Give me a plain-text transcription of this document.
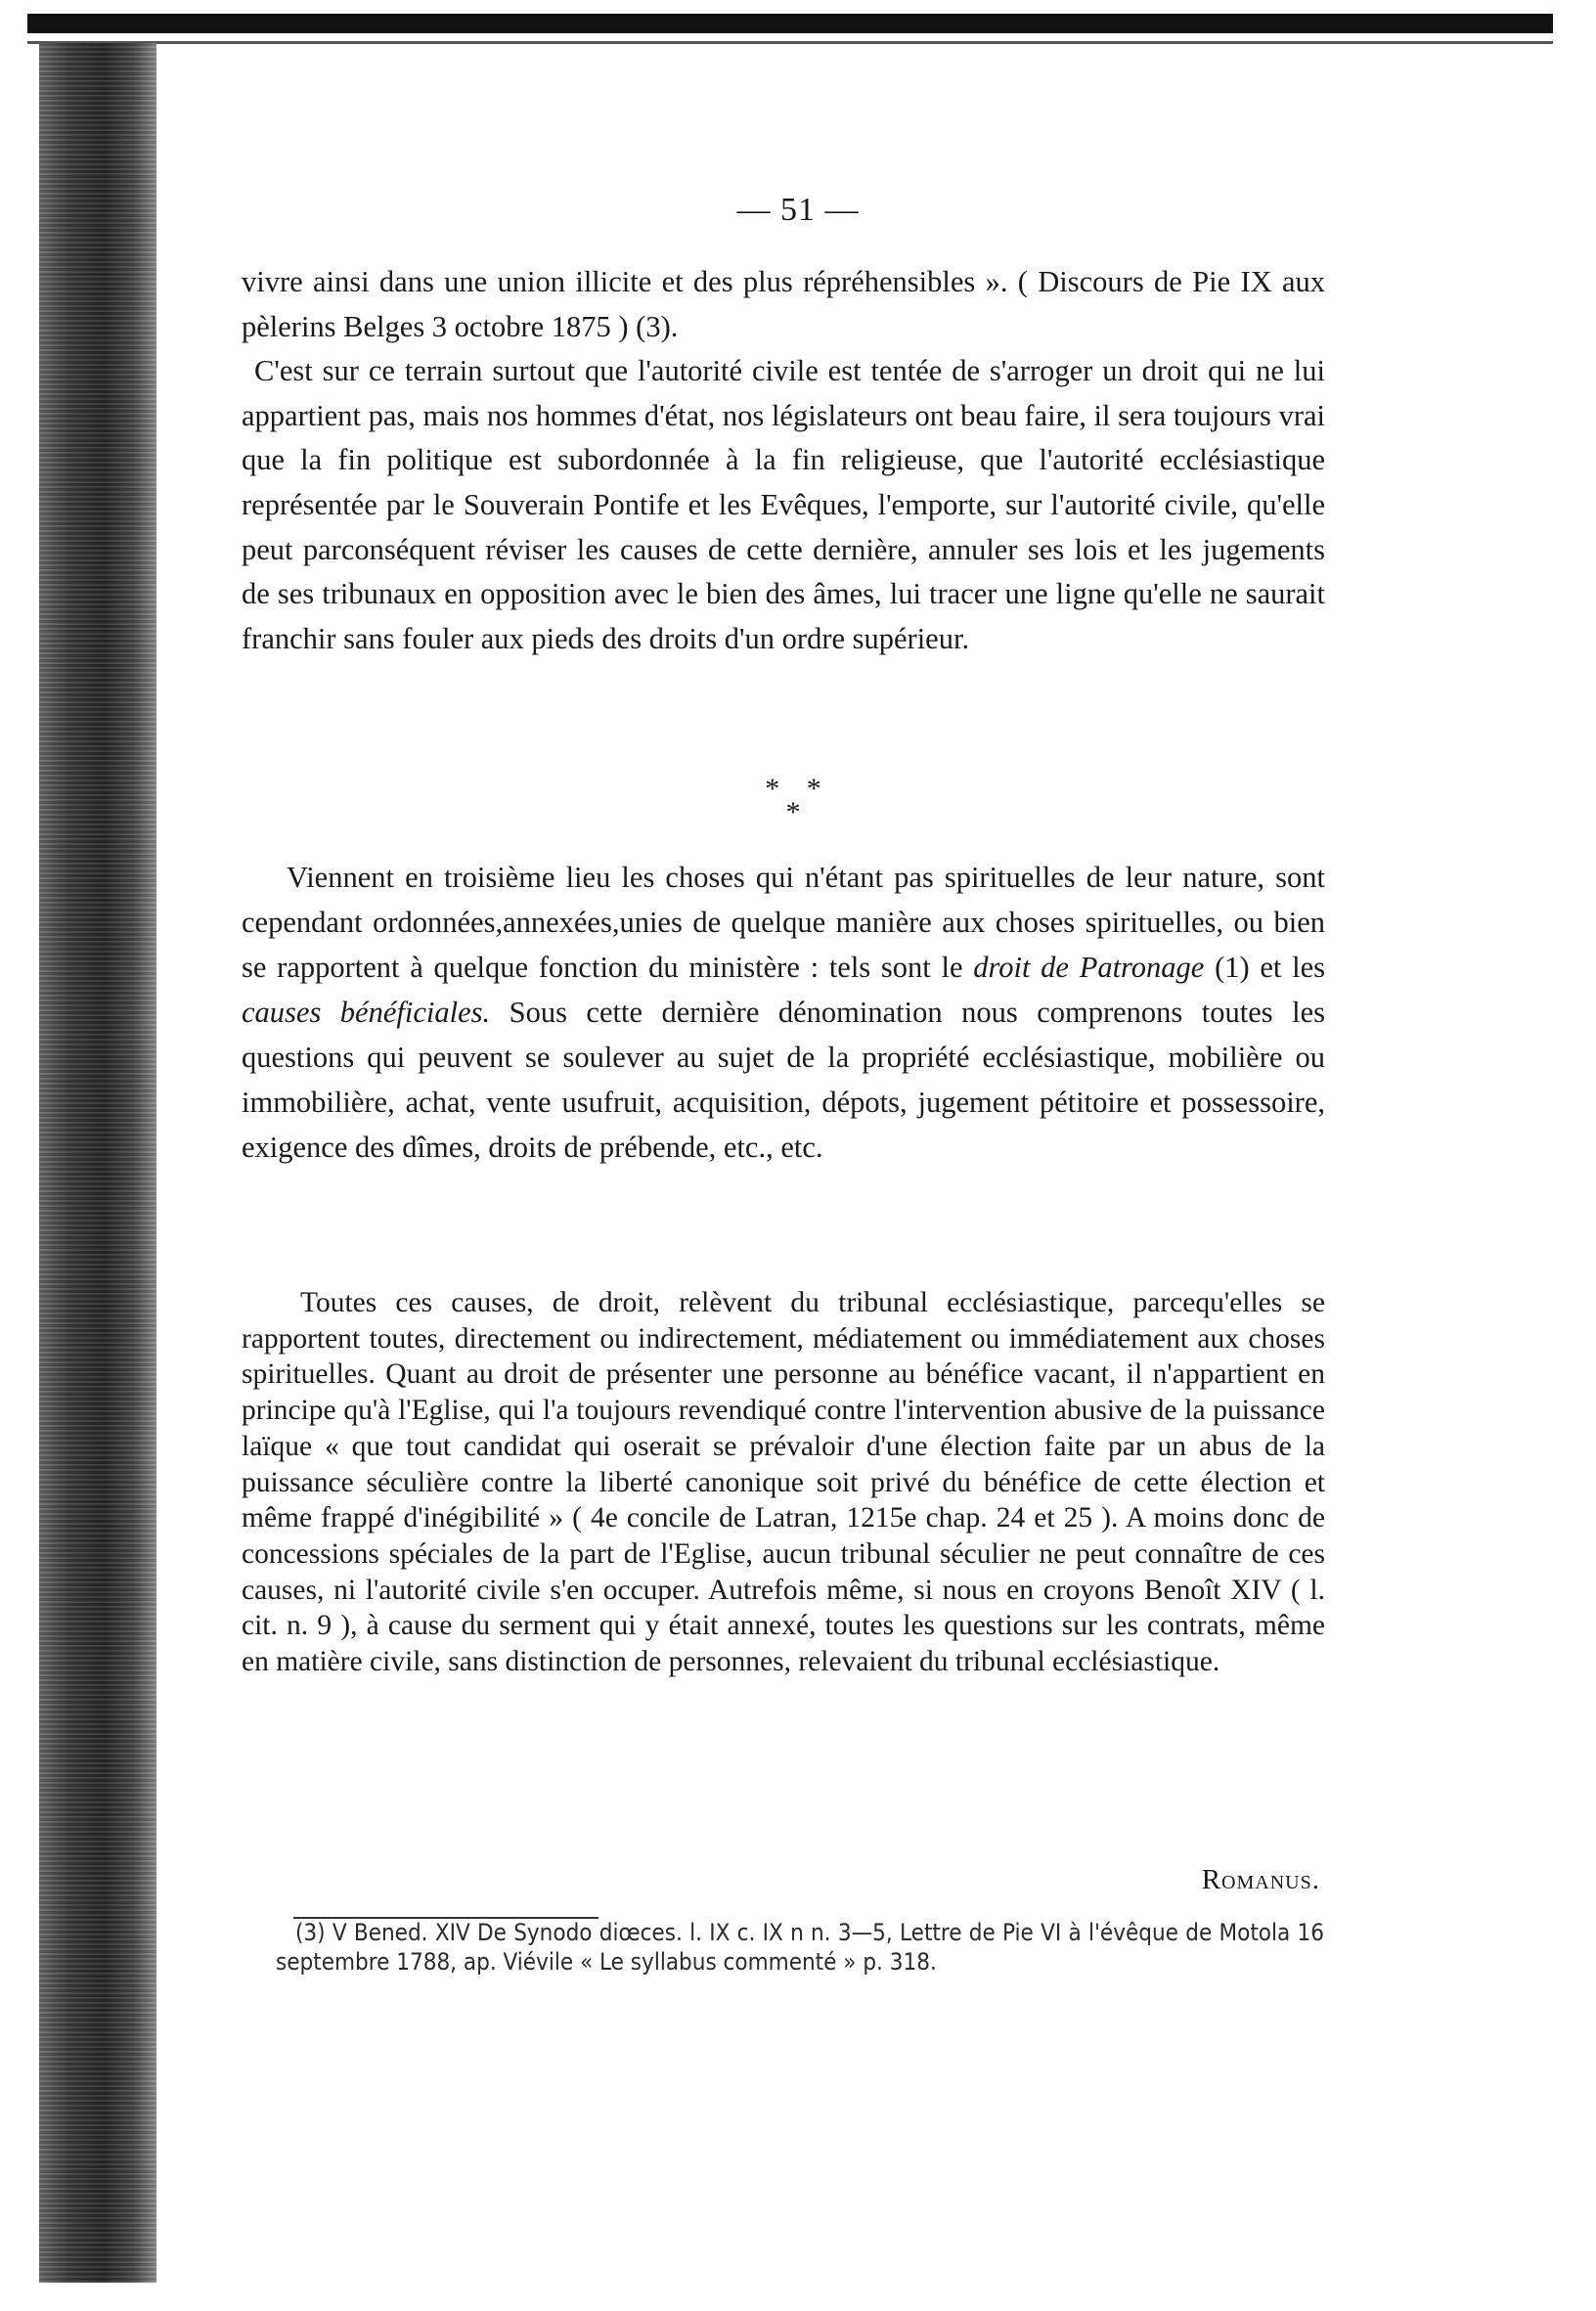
— 51 —

vivre ainsi dans une union illicite et des plus répréhensibles ». ( Discours de Pie IX aux pèlerins Belges 3 octobre 1875 ) (3).

C'est sur ce terrain surtout que l'autorité civile est tentée de s'arroger un droit qui ne lui appartient pas, mais nos hommes d'état, nos législateurs ont beau faire, il sera toujours vrai que la fin politique est subordonnée à la fin religieuse, que l'autorité ecclésiastique représentée par le Souverain Pontife et les Evêques, l'emporte, sur l'autorité civile, qu'elle peut parconséquent réviser les causes de cette dernière, annuler ses lois et les jugements de ses tribunaux en opposition avec le bien des âmes, lui tracer une ligne qu'elle ne saurait franchir sans fouler aux pieds des droits d'un ordre supérieur.

* *
*

Viennent en troisième lieu les choses qui n'étant pas spirituelles de leur nature, sont cependant ordonnées,annexées,unies de quelque manière aux choses spirituelles, ou bien se rapportent à quelque fonction du ministère : tels sont le droit de Patronage (1) et les causes bénéficiales. Sous cette dernière dénomination nous comprenons toutes les questions qui peuvent se soulever au sujet de la propriété ecclésiastique, mobilière ou immobilière, achat, vente usufruit, acquisition, dépots, jugement pétitoire et possessoire, exigence des dîmes, droits de prébende, etc., etc.

Toutes ces causes, de droit, relèvent du tribunal ecclésiastique, parcequ'elles se rapportent toutes, directement ou indirectement, médiatement ou immédiatement aux choses spirituelles. Quant au droit de présenter une personne au bénéfice vacant, il n'appartient en principe qu'à l'Eglise, qui l'a toujours revendiqué contre l'intervention abusive de la puissance laïque « que tout candidat qui oserait se prévaloir d'une élection faite par un abus de la puissance séculière contre la liberté canonique soit privé du bénéfice de cette élection et même frappé d'inégibilité » ( 4e concile de Latran, 1215e chap. 24 et 25 ). A moins donc de concessions spéciales de la part de l'Eglise, aucun tribunal séculier ne peut connaître de ces causes, ni l'autorité civile s'en occuper. Autrefois même, si nous en croyons Benoît XIV ( l. cit. n. 9 ), à cause du serment qui y était annexé, toutes les questions sur les contrats, même en matière civile, sans distinction de personnes, relevaient du tribunal ecclésiastique.

Romanus.

(3) V Bened. XIV De Synodo diœces. l. IX c. IX n n. 3—5, Lettre de Pie VI à l'évêque de Motola 16 septembre 1788, ap. Viévile « Le syllabus commenté » p. 318.
